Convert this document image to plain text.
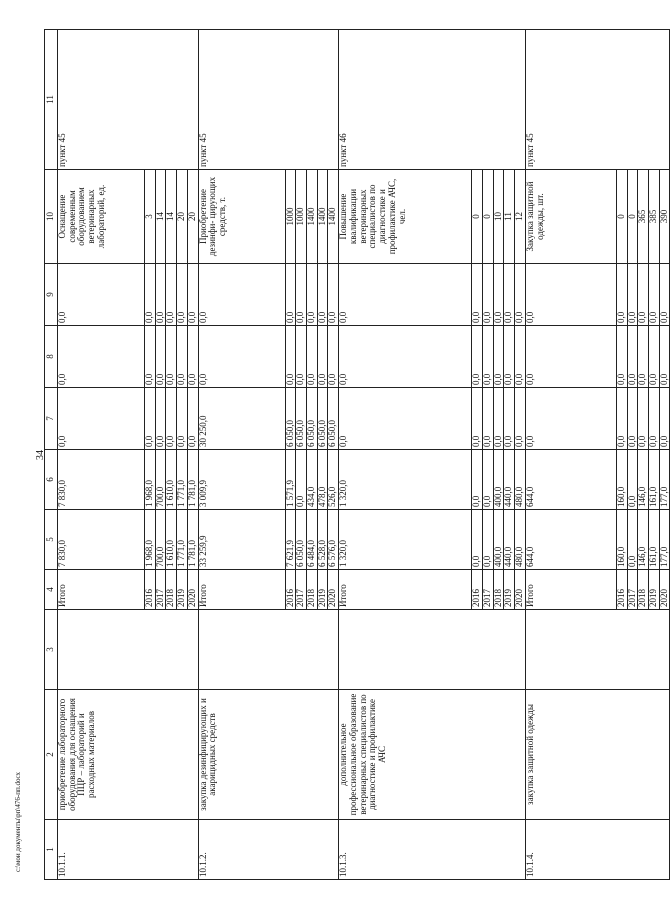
34
1	2	3	4	5	6	7	8	9	10	11
10.1.1.	приобретение лабораторного оборудования для оснащения ПЦР – лабораторий и расходных материалов		Итого	7 830,0	7 830,0	0,0	0,0	0,0	Оснащение современным оборудованием ветеринарных лабораторий, ед.	пункт 45
			2016	1 968,0	1 968,0	0,0	0,0	0,0	3	
			2017	700,0	700,0	0,0	0,0	0,0	14	
			2018	1 610,0	1 610,0	0,0	0,0	0,0	14	
			2019	1 771,0	1 771,0	0,0	0,0	0,0	20	
			2020	1 781,0	1 781,0	0,0	0,0	0,0	20	
10.1.2.	закупка дезинфицирующих и акарицидных средств		Итого	33 259,9	3 009,9	30 250,0	0,0	0,0	Приобретение дезинфи- цирующих средств, т.	пункт 45
			2016	7 621,9	1 571,9	6 050,0	0,0	0,0	1000	
			2017	6 050,0	0,0	6 050,0	0,0	0,0	1000	
			2018	6 484,0	434,0	6 050,0	0,0	0,0	1400	
			2019	6 528,0	478,0	6 050,0	0,0	0,0	1400	
			2020	6 576,0	526,0	6 050,0	0,0	0,0	1400	
10.1.3.	дополнительное профессиональное образование ветеринарных специалистов по диагностике и профилактике АЧС		Итого	1 320,0	1 320,0	0,0	0,0	0,0	Повышение квалификации ветеринарных специалистов по диагностике и профилактике АЧС, чел.	пункт 46
			2016	0,0	0,0	0,0	0,0	0,0	0	
			2017	0,0	0,0	0,0	0,0	0,0	0	
			2018	400,0	400,0	0,0	0,0	0,0	10	
			2019	440,0	440,0	0,0	0,0	0,0	11	
			2020	480,0	480,0	0,0	0,0	0,0	12	
10.1.4.	закупка защитной одежды		Итого	644,0	644,0	0,0	0,0	0,0	Закупка защитной одежды, шт.	пункт 45
			2016	160,0	160,0	0,0	0,0	0,0	0	
			2017	0,0	0,0	0,0	0,0	0,0	0	
			2018	146,0	146,0	0,0	0,0	0,0	365	
			2019	161,0	161,0	0,0	0,0	0,0	385	
			2020	177,0	177,0	0,0	0,0	0,0	390	
c:\мои документы\рп\476-пп.docx
